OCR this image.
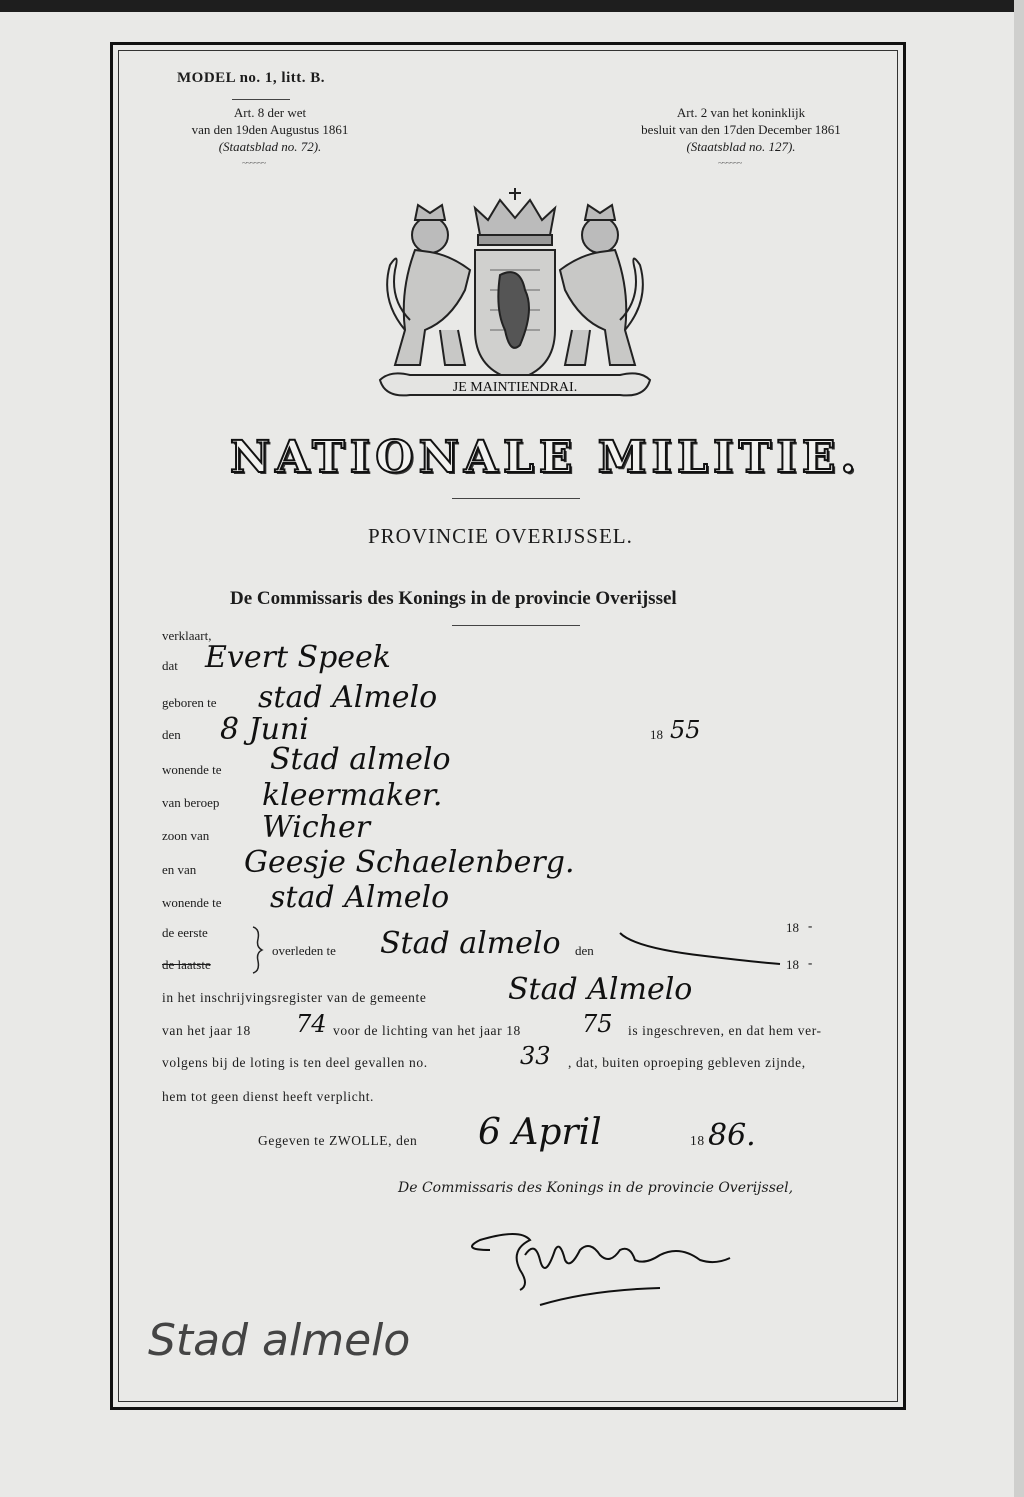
MODEL no. 1, litt. B.
Art. 8 der wet
van den 19den Augustus 1861
(Staatsblad no. 72).
~~~~~~
Art. 2 van het koninklijk
besluit van den 17den December 1861
(Staatsblad no. 127).
~~~~~~
JE MAINTIENDRAI.
NATIONALE MILITIE.
PROVINCIE OVERIJSSEL.
De Commissaris des Konings in de provincie Overijssel
verklaart,
dat Evert Speek
geboren te stad Almelo
den 8 Juni	18 55
wonende te Stad almelo
van beroep kleermaker.
zoon van Wicher
en van Geesje Schaelenberg.
wonende te stad Almelo
de eerste
de laatste
overleden te Stad almelo den
18 -
18 -
in het inschrijvingsregister van de gemeente	Stad Almelo
van het jaar 18 74 voor de lichting van het jaar 18	75 is ingeschreven, en dat hem ver-
volgens bij de loting is ten deel gevallen no.	33 , dat, buiten oproeping gebleven zijnde,
hem tot geen dienst heeft verplicht.
Gegeven te ZWOLLE, den 6 April	18 86.
De Commissaris des Konings in de provincie Overijssel,
Stad almelo
